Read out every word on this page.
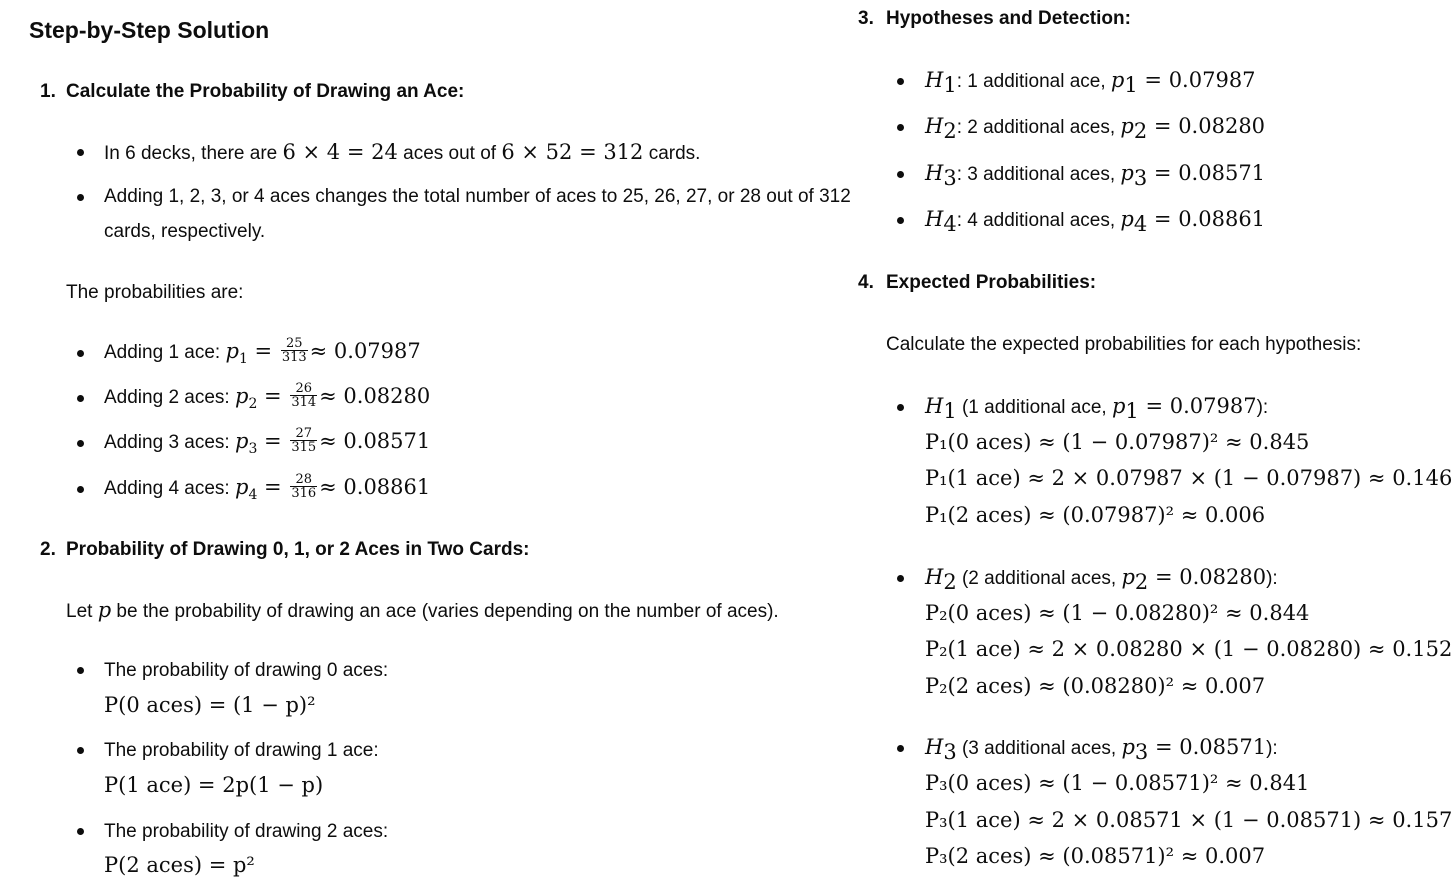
Step-by-Step Solution
1. Calculate the Probability of Drawing an Ace:
In 6 decks, there are 6 × 4 = 24 aces out of 6 × 52 = 312 cards.
Adding 1, 2, 3, or 4 aces changes the total number of aces to 25, 26, 27, or 28 out of 312
cards, respectively.
The probabilities are:
Adding 1 ace: $p_1 = \frac{25}{313} \approx 0.07987$
Adding 2 aces: $p_2 = \frac{26}{314} \approx 0.08280$
Adding 3 aces: $p_3 = \frac{27}{315} \approx 0.08571$
Adding 4 aces: $p_4 = \frac{28}{316} \approx 0.08861$
2. Probability of Drawing 0, 1, or 2 Aces in Two Cards:
Let p be the probability of drawing an ace (varies depending on the number of aces).
The probability of drawing 0 aces:
P(0 aces) = (1 − p)²
The probability of drawing 1 ace:
P(1 ace) = 2p(1 − p)
The probability of drawing 2 aces:
P(2 aces) = p²
3. Hypotheses and Detection:
$H_1$: 1 additional ace, $p_1 = 0.07987$
$H_2$: 2 additional aces, $p_2 = 0.08280$
$H_3$: 3 additional aces, $p_3 = 0.08571$
$H_4$: 4 additional aces, $p_4 = 0.08861$
4. Expected Probabilities:
Calculate the expected probabilities for each hypothesis:
$H_1$ (1 additional ace, $p_1 = 0.07987$):
P₁(0 aces) ≈ (1 − 0.07987)² ≈ 0.845
P₁(1 ace) ≈ 2 × 0.07987 × (1 − 0.07987) ≈ 0.146
P₁(2 aces) ≈ (0.07987)² ≈ 0.006
$H_2$ (2 additional aces, $p_2 = 0.08280$):
P₂(0 aces) ≈ (1 − 0.08280)² ≈ 0.844
P₂(1 ace) ≈ 2 × 0.08280 × (1 − 0.08280) ≈ 0.152
P₂(2 aces) ≈ (0.08280)² ≈ 0.007
$H_3$ (3 additional aces, $p_3 = 0.08571$):
P₃(0 aces) ≈ (1 − 0.08571)² ≈ 0.841
P₃(1 ace) ≈ 2 × 0.08571 × (1 − 0.08571) ≈ 0.157
P₃(2 aces) ≈ (0.08571)² ≈ 0.007
